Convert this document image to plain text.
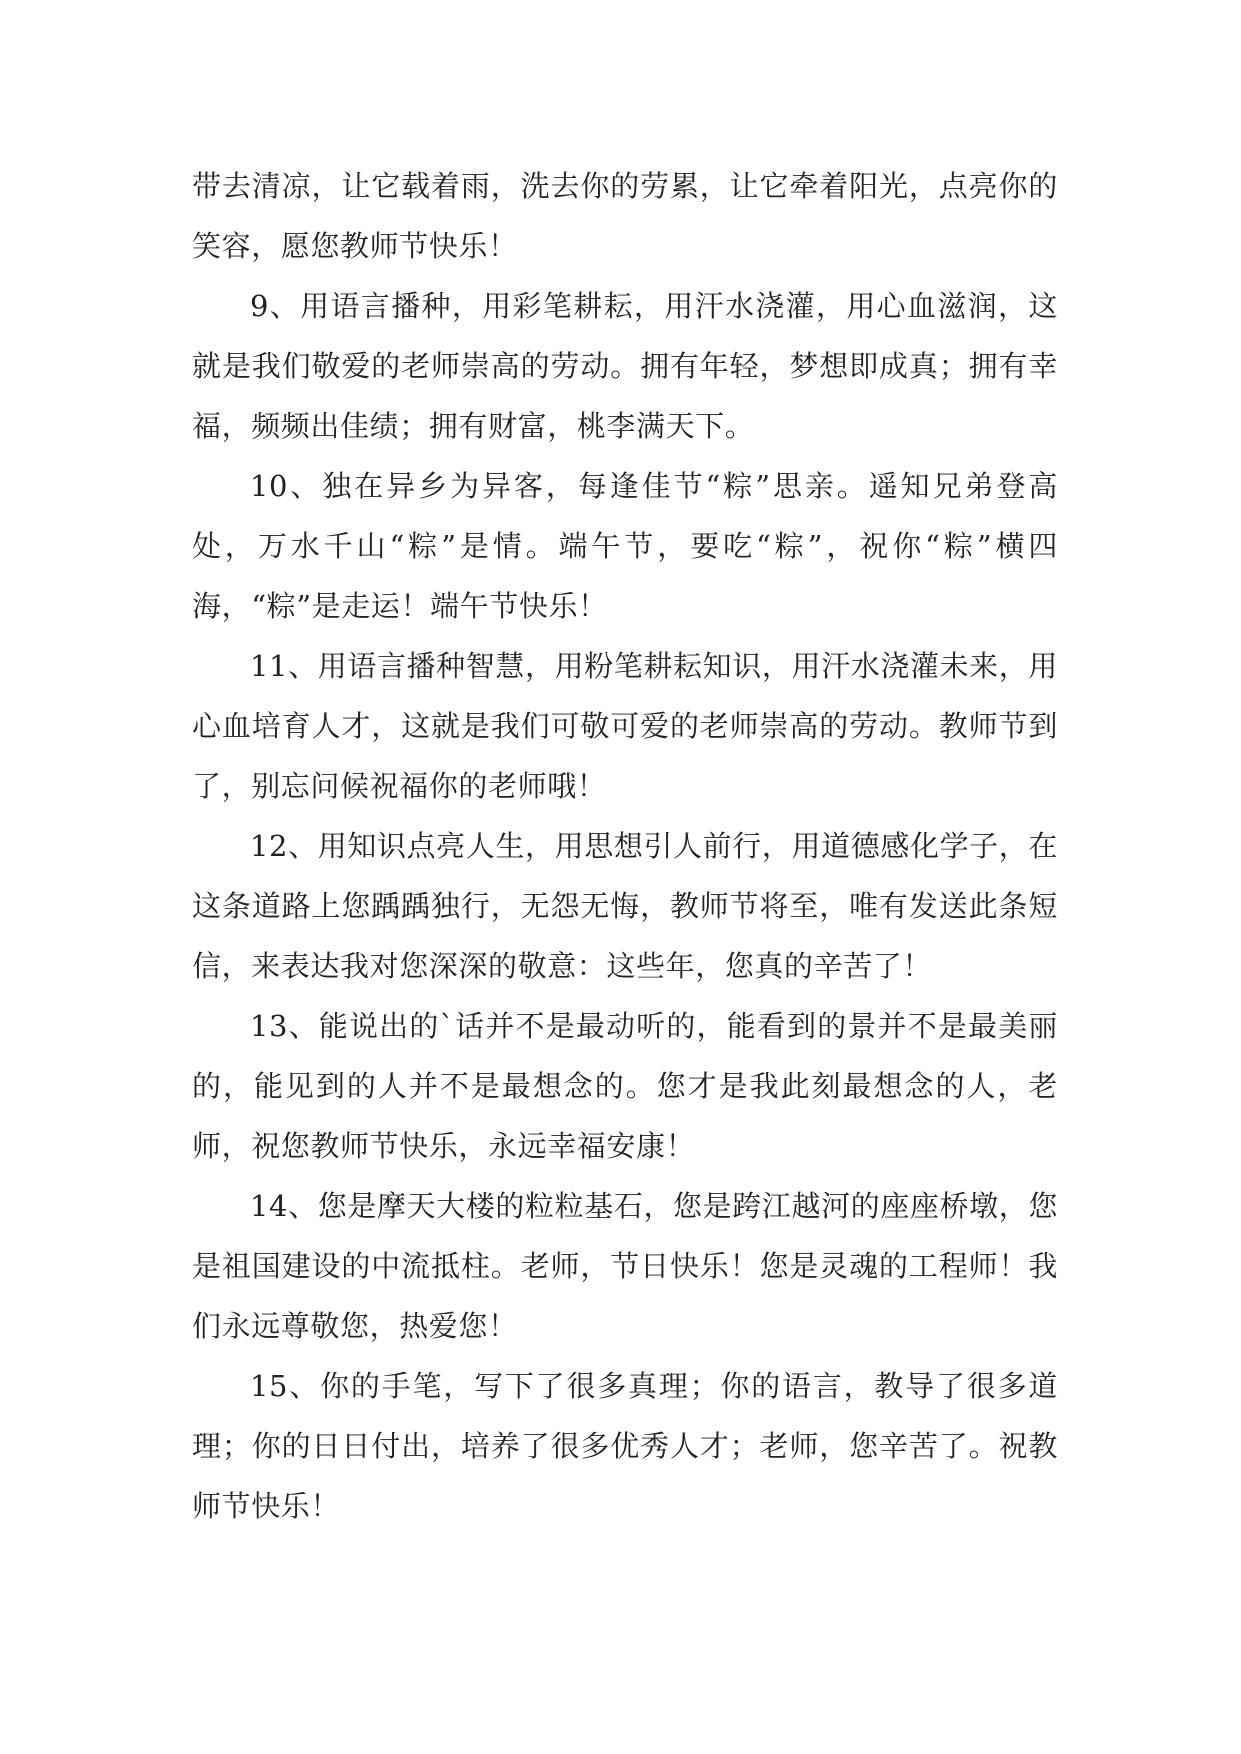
带去清凉，让它载着雨，洗去你的劳累，让它牵着阳光，点亮你的笑容，愿您教师节快乐！

9、用语言播种，用彩笔耕耘，用汗水浇灌，用心血滋润，这就是我们敬爱的老师崇高的劳动。拥有年轻，梦想即成真；拥有幸福，频频出佳绩；拥有财富，桃李满天下。

10、独在异乡为异客，每逢佳节“粽”思亲。遥知兄弟登高处，万水千山“粽”是情。端午节，要吃“粽”，祝你“粽”横四海，“粽”是走运！端午节快乐！

11、用语言播种智慧，用粉笔耕耘知识，用汗水浇灌未来，用心血培育人才，这就是我们可敬可爱的老师崇高的劳动。教师节到了，别忘问候祝福你的老师哦！

12、用知识点亮人生，用思想引人前行，用道德感化学子，在这条道路上您踽踽独行，无怨无悔，教师节将至，唯有发送此条短信，来表达我对您深深的敬意：这些年，您真的辛苦了！

13、能说出的`话并不是最动听的，能看到的景并不是最美丽的，能见到的人并不是最想念的。您才是我此刻最想念的人，老师，祝您教师节快乐，永远幸福安康！

14、您是摩天大楼的粒粒基石，您是跨江越河的座座桥墩，您是祖国建设的中流抵柱。老师，节日快乐！您是灵魂的工程师！我们永远尊敬您，热爱您！

15、你的手笔，写下了很多真理；你的语言，教导了很多道理；你的日日付出，培养了很多优秀人才；老师，您辛苦了。祝教师节快乐！
